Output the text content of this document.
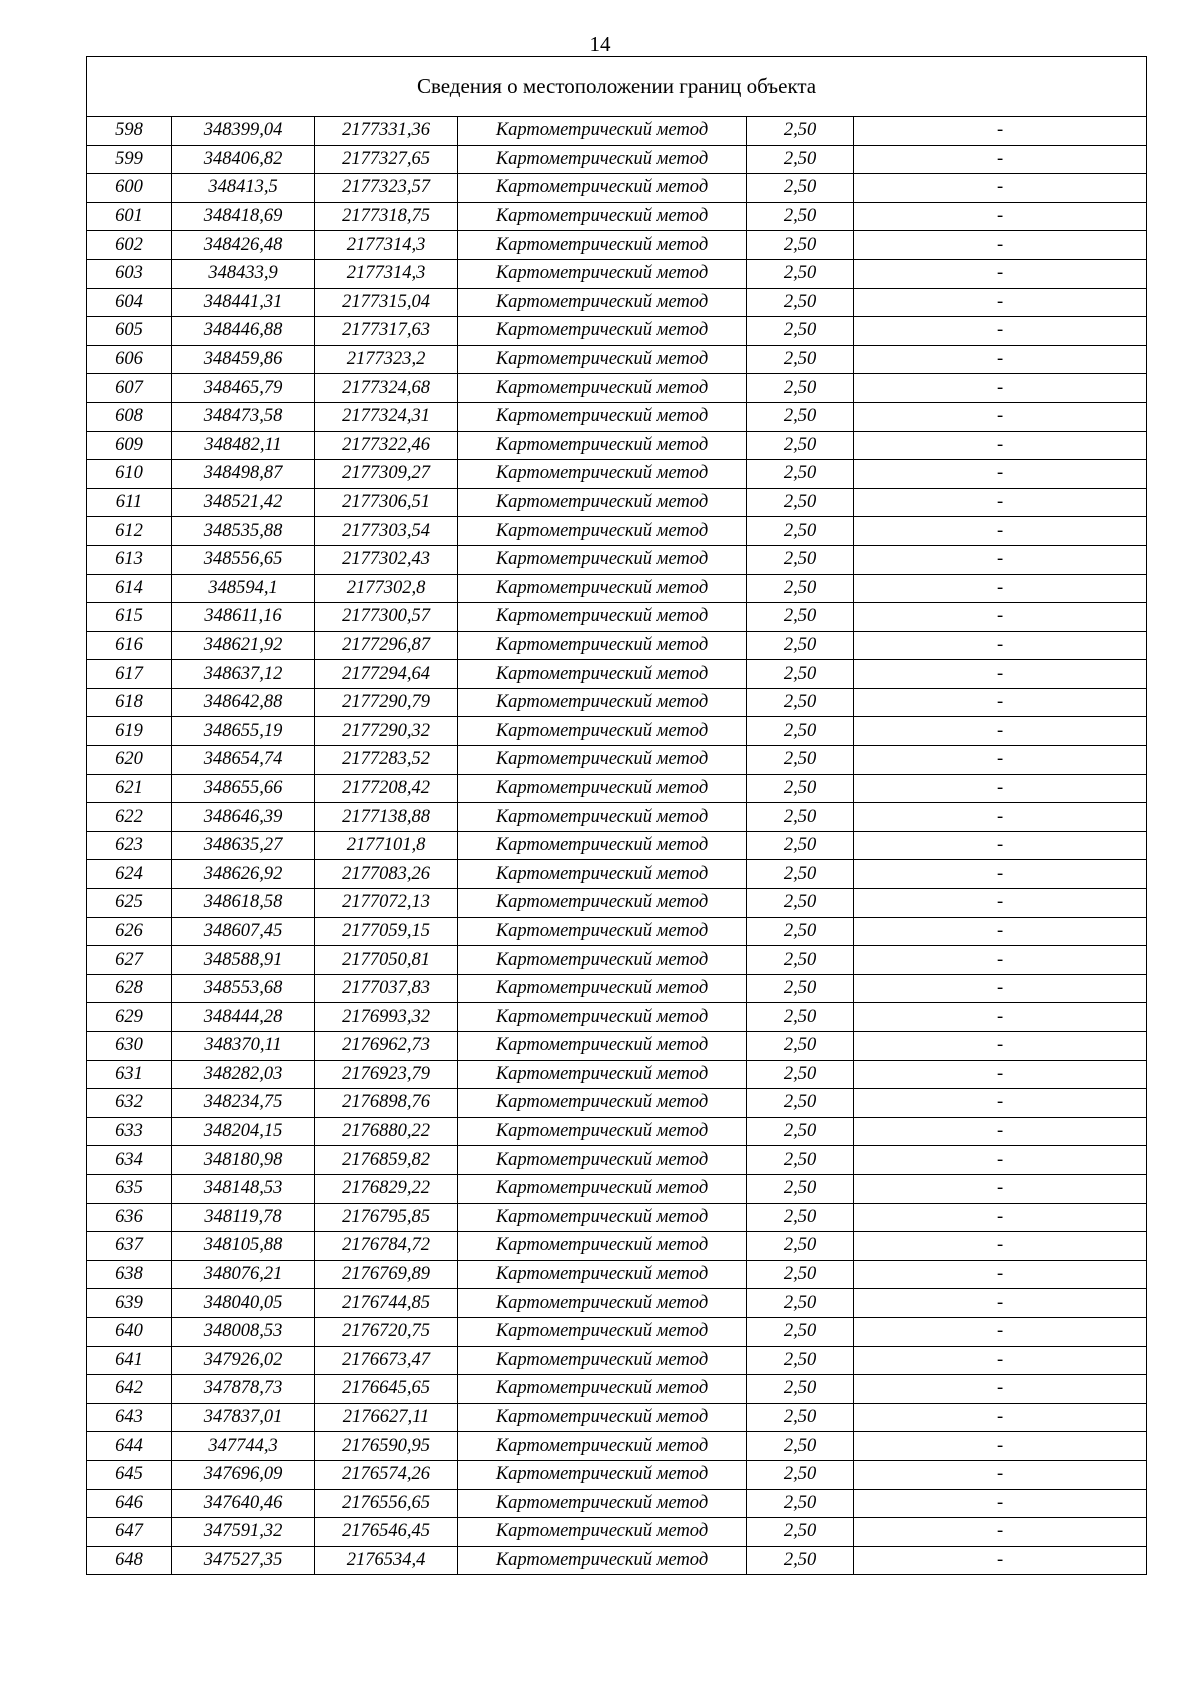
14
Сведения о местоположении границ объекта					
598	348399,04	2177331,36	Картометрический метод	2,50	-
599	348406,82	2177327,65	Картометрический метод	2,50	-
600	348413,5	2177323,57	Картометрический метод	2,50	-
601	348418,69	2177318,75	Картометрический метод	2,50	-
602	348426,48	2177314,3	Картометрический метод	2,50	-
603	348433,9	2177314,3	Картометрический метод	2,50	-
604	348441,31	2177315,04	Картометрический метод	2,50	-
605	348446,88	2177317,63	Картометрический метод	2,50	-
606	348459,86	2177323,2	Картометрический метод	2,50	-
607	348465,79	2177324,68	Картометрический метод	2,50	-
608	348473,58	2177324,31	Картометрический метод	2,50	-
609	348482,11	2177322,46	Картометрический метод	2,50	-
610	348498,87	2177309,27	Картометрический метод	2,50	-
611	348521,42	2177306,51	Картометрический метод	2,50	-
612	348535,88	2177303,54	Картометрический метод	2,50	-
613	348556,65	2177302,43	Картометрический метод	2,50	-
614	348594,1	2177302,8	Картометрический метод	2,50	-
615	348611,16	2177300,57	Картометрический метод	2,50	-
616	348621,92	2177296,87	Картометрический метод	2,50	-
617	348637,12	2177294,64	Картометрический метод	2,50	-
618	348642,88	2177290,79	Картометрический метод	2,50	-
619	348655,19	2177290,32	Картометрический метод	2,50	-
620	348654,74	2177283,52	Картометрический метод	2,50	-
621	348655,66	2177208,42	Картометрический метод	2,50	-
622	348646,39	2177138,88	Картометрический метод	2,50	-
623	348635,27	2177101,8	Картометрический метод	2,50	-
624	348626,92	2177083,26	Картометрический метод	2,50	-
625	348618,58	2177072,13	Картометрический метод	2,50	-
626	348607,45	2177059,15	Картометрический метод	2,50	-
627	348588,91	2177050,81	Картометрический метод	2,50	-
628	348553,68	2177037,83	Картометрический метод	2,50	-
629	348444,28	2176993,32	Картометрический метод	2,50	-
630	348370,11	2176962,73	Картометрический метод	2,50	-
631	348282,03	2176923,79	Картометрический метод	2,50	-
632	348234,75	2176898,76	Картометрический метод	2,50	-
633	348204,15	2176880,22	Картометрический метод	2,50	-
634	348180,98	2176859,82	Картометрический метод	2,50	-
635	348148,53	2176829,22	Картометрический метод	2,50	-
636	348119,78	2176795,85	Картометрический метод	2,50	-
637	348105,88	2176784,72	Картометрический метод	2,50	-
638	348076,21	2176769,89	Картометрический метод	2,50	-
639	348040,05	2176744,85	Картометрический метод	2,50	-
640	348008,53	2176720,75	Картометрический метод	2,50	-
641	347926,02	2176673,47	Картометрический метод	2,50	-
642	347878,73	2176645,65	Картометрический метод	2,50	-
643	347837,01	2176627,11	Картометрический метод	2,50	-
644	347744,3	2176590,95	Картометрический метод	2,50	-
645	347696,09	2176574,26	Картометрический метод	2,50	-
646	347640,46	2176556,65	Картометрический метод	2,50	-
647	347591,32	2176546,45	Картометрический метод	2,50	-
648	347527,35	2176534,4	Картометрический метод	2,50	-
